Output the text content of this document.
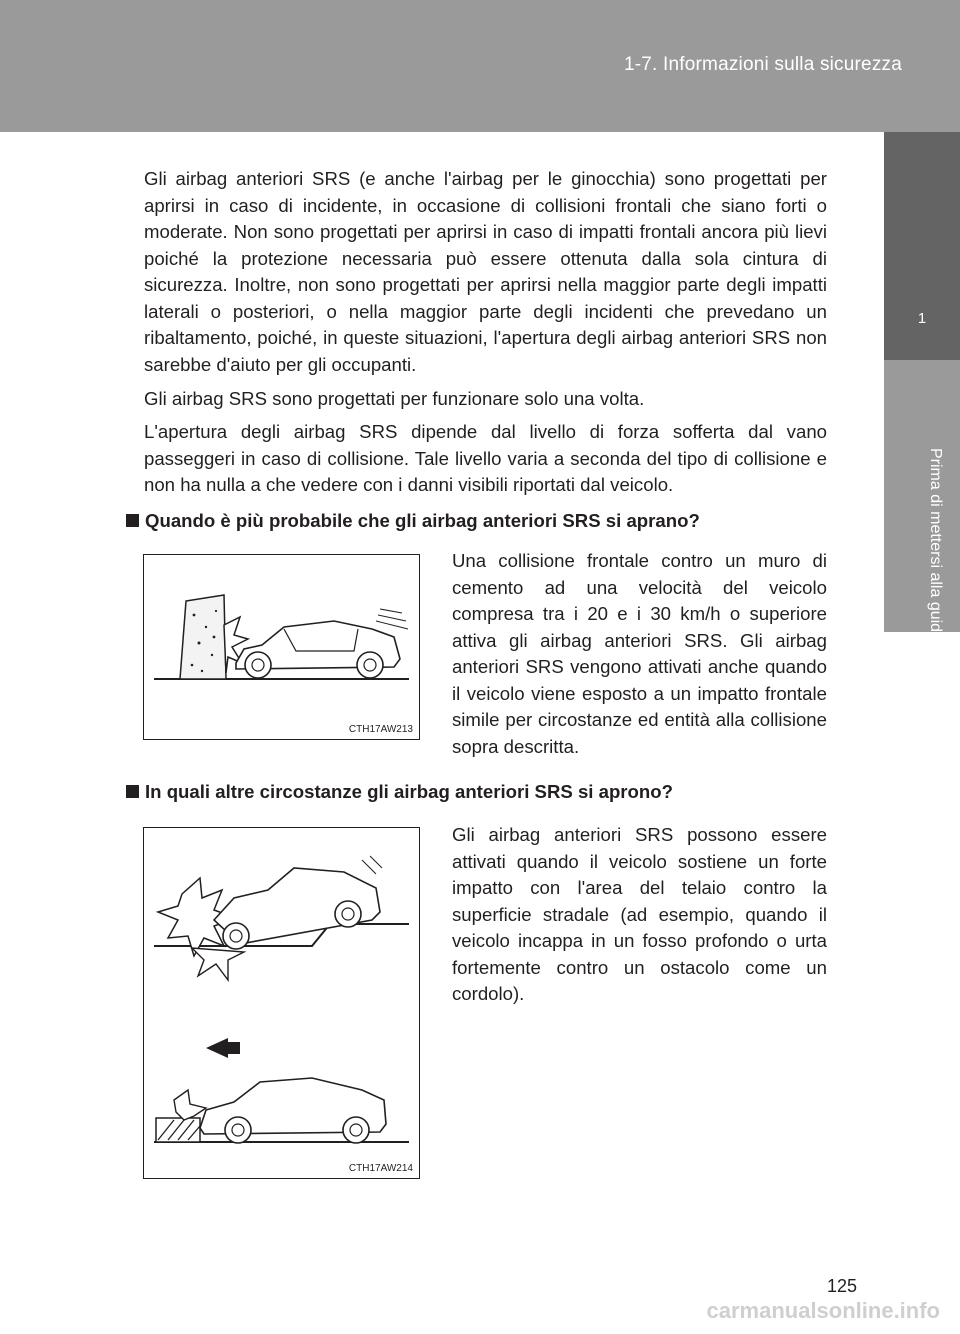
1-7. Informazioni sulla sicurezza
1
Prima di mettersi alla guida

Gli airbag anteriori SRS (e anche l'airbag per le ginocchia) sono progettati per aprirsi in caso di incidente, in occasione di collisioni frontali che siano forti o moderate. Non sono progettati per aprirsi in caso di impatti frontali ancora più lievi poiché la protezione necessaria può essere ottenuta dalla sola cintura di sicurezza. Inoltre, non sono progettati per aprirsi nella maggior parte degli impatti laterali o posteriori, o nella maggior parte degli incidenti che prevedano un ribaltamento, poiché, in queste situazioni, l'apertura degli airbag anteriori SRS non sarebbe d'aiuto per gli occupanti.

Gli airbag SRS sono progettati per funzionare solo una volta.

L'apertura degli airbag SRS dipende dal livello di forza sofferta dal vano passeggeri in caso di collisione. Tale livello varia a seconda del tipo di collisione e non ha nulla a che vedere con i danni visibili riportati dal veicolo.

Quando è più probabile che gli airbag anteriori SRS si aprano?
CTH17AW213

Una collisione frontale contro un muro di cemento ad una velocità del veicolo compresa tra i 20 e i 30 km/h o superiore attiva gli airbag anteriori SRS. Gli airbag anteriori SRS vengono attivati anche quando il veicolo viene esposto a un impatto frontale simile per circostanze ed entità alla collisione sopra descritta.

In quali altre circostanze gli airbag anteriori SRS si aprono?
CTH17AW214

Gli airbag anteriori SRS possono essere attivati quando il veicolo sostiene un forte impatto con l'area del telaio contro la superficie stradale (ad esempio, quando il veicolo incappa in un fosso profondo o urta fortemente contro un ostacolo come un cordolo).

125
carmanualsonline.info
